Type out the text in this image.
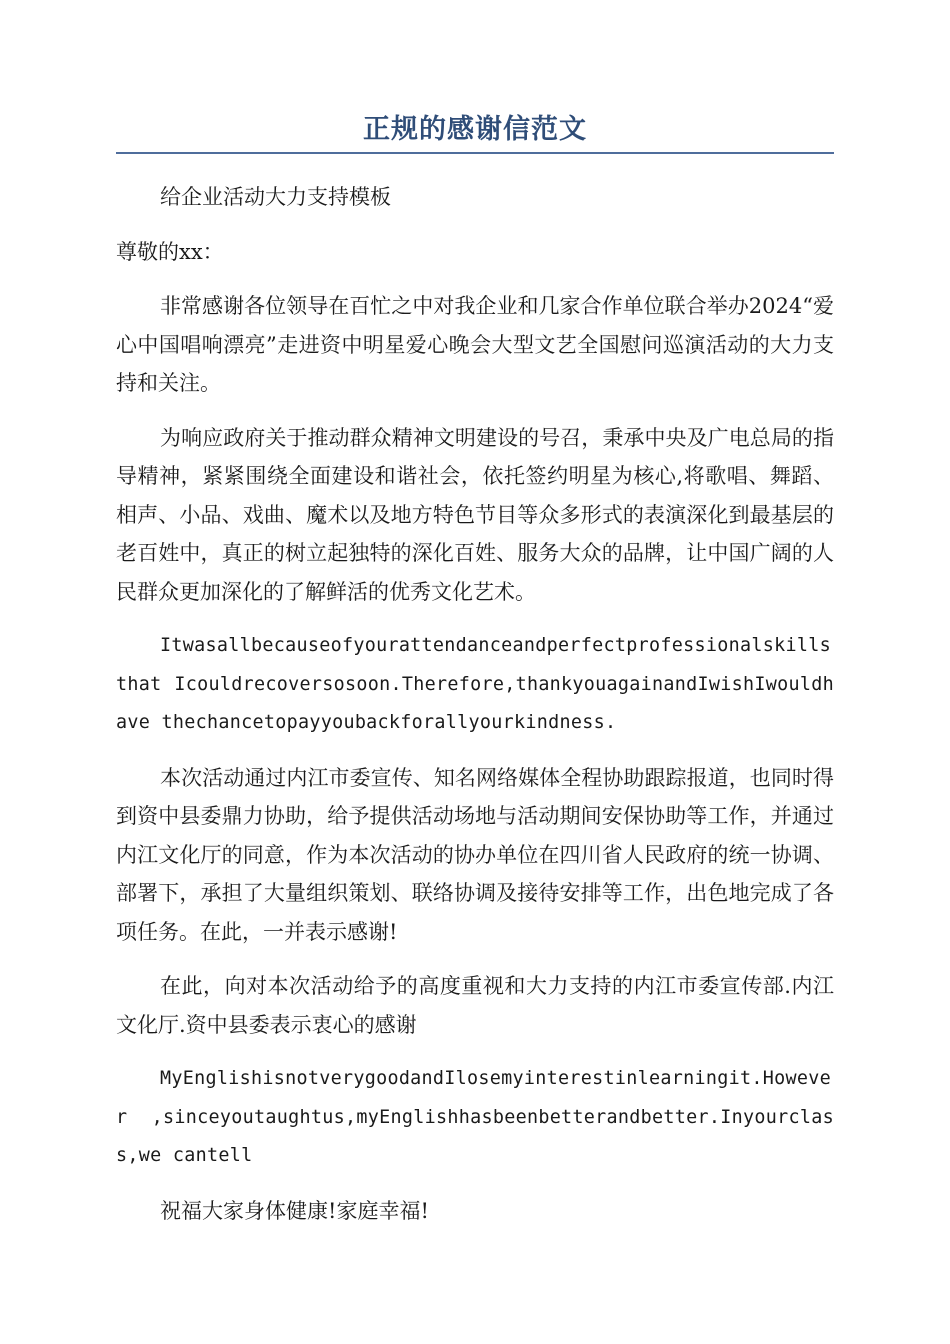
正规的感谢信范文

给企业活动大力支持模板

尊敬的xx：

非常感谢各位领导在百忙之中对我企业和几家合作单位联合举办2024“爱心中国唱响漂亮”走进资中明星爱心晚会大型文艺全国慰问巡演活动的大力支持和关注。

为响应政府关于推动群众精神文明建设的号召，秉承中央及广电总局的指导精神，紧紧围绕全面建设和谐社会，依托签约明星为核心,将歌唱、舞蹈、相声、小品、戏曲、魔术以及地方特色节目等众多形式的表演深化到最基层的老百姓中，真正的树立起独特的深化百姓、服务大众的品牌，让中国广阔的人民群众更加深化的了解鲜活的优秀文化艺术。

Itwasallbecauseofyourattendanceandperfectprofessionalskillsthat Icouldrecoversosoon.Therefore,thankyouagainandIwishIwouldhave thechancetopayyoubackforallyourkindness.

本次活动通过内江市委宣传、知名网络媒体全程协助跟踪报道，也同时得到资中县委鼎力协助，给予提供活动场地与活动期间安保协助等工作，并通过内江文化厅的同意，作为本次活动的协办单位在四川省人民政府的统一协调、部署下，承担了大量组织策划、联络协调及接待安排等工作，出色地完成了各项任务。在此，一并表示感谢!

在此，向对本次活动给予的高度重视和大力支持的内江市委宣传部.内江文化厅.资中县委表示衷心的感谢

MyEnglishisnotverygoodandIlosemyinterestinlearningit.However ,sinceyoutaughtus,myEnglishhasbeenbetterandbetter.Inyourclass,we cantell

祝福大家身体健康!家庭幸福!
